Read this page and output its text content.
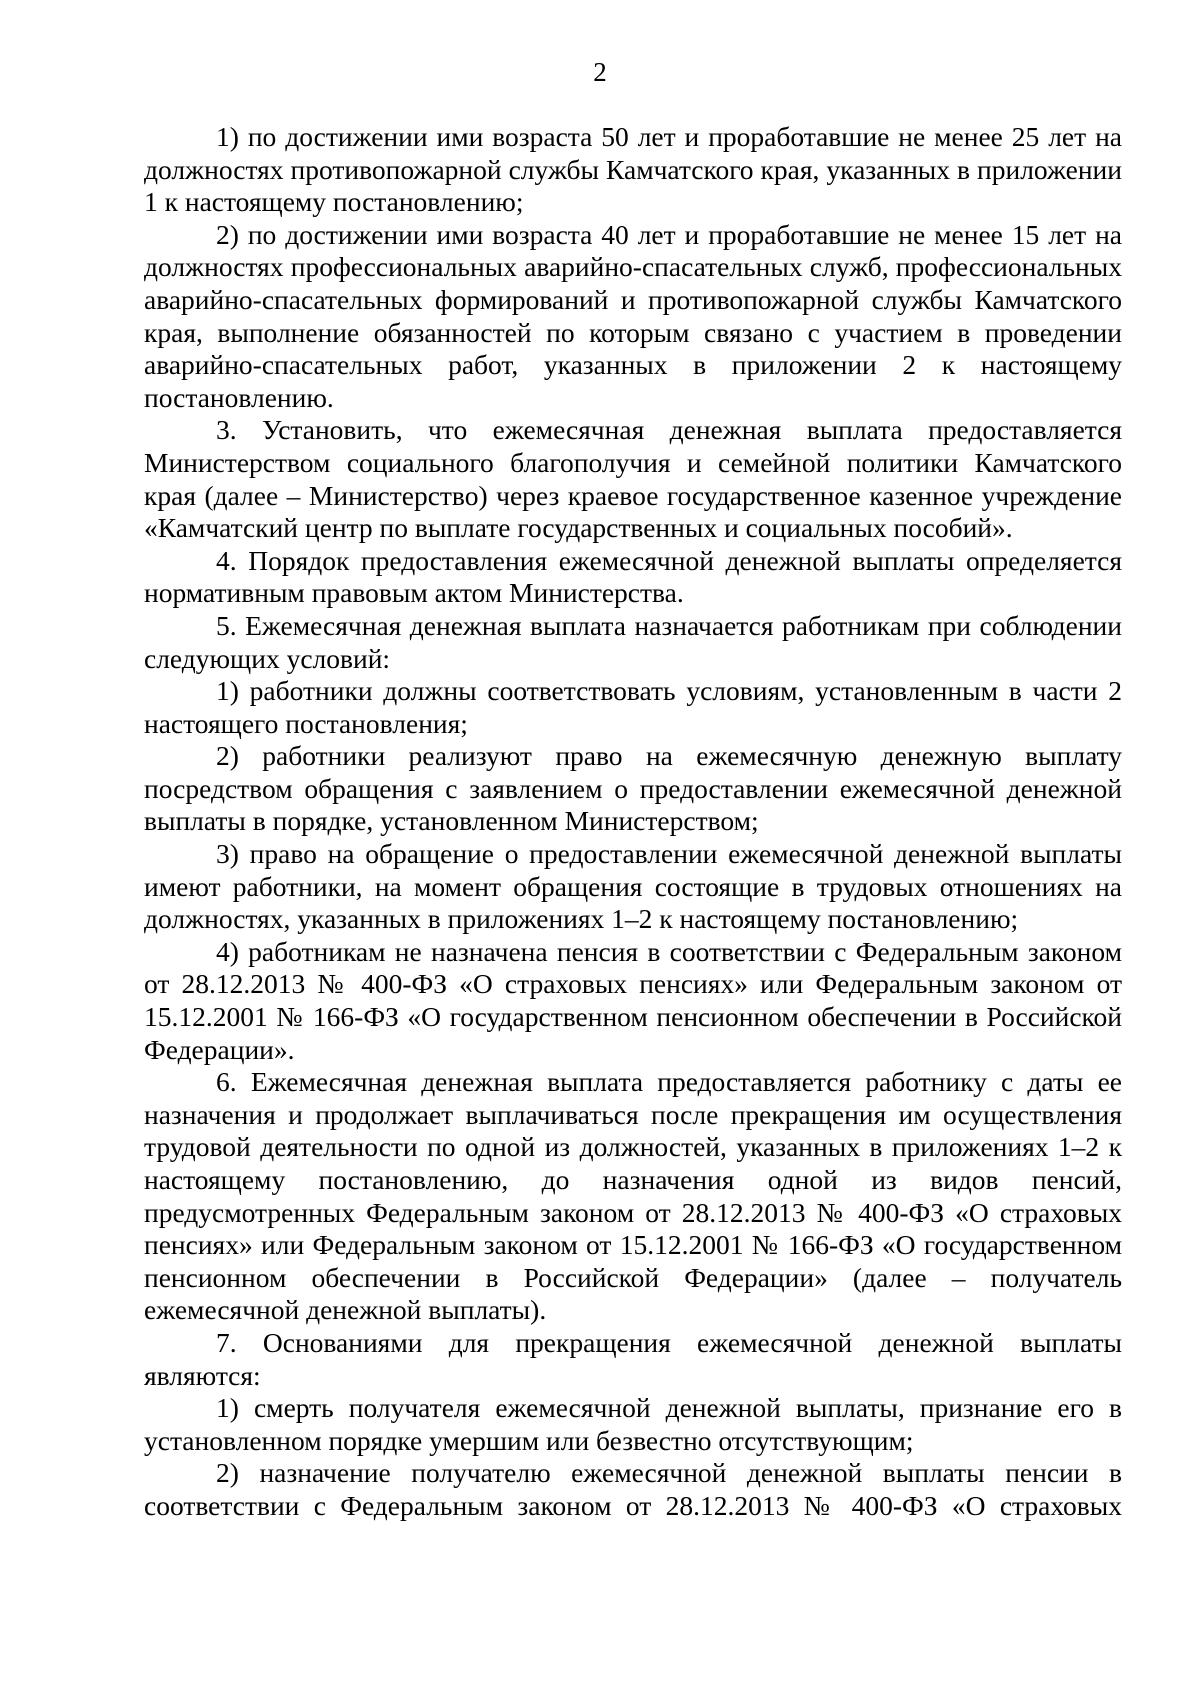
2

1) по достижении ими возраста 50 лет и проработавшие не менее 25 лет на должностях противопожарной службы Камчатского края, указанных в приложении 1 к настоящему постановлению;

2) по достижении ими возраста 40 лет и проработавшие не менее 15 лет на должностях профессиональных аварийно-спасательных служб, профессиональных аварийно-спасательных формирований и противопожарной службы Камчатского края, выполнение обязанностей по которым связано с участием в проведении аварийно-спасательных работ, указанных в приложении 2 к настоящему постановлению.

3. Установить, что ежемесячная денежная выплата предоставляется Министерством социального благополучия и семейной политики Камчатского края (далее – Министерство) через краевое государственное казенное учреждение «Камчатский центр по выплате государственных и социальных пособий».

4. Порядок предоставления ежемесячной денежной выплаты определяется нормативным правовым актом Министерства.

5. Ежемесячная денежная выплата назначается работникам при соблюдении следующих условий:

1) работники должны соответствовать условиям, установленным в части 2 настоящего постановления;

2) работники реализуют право на ежемесячную денежную выплату посредством обращения с заявлением о предоставлении ежемесячной денежной выплаты в порядке, установленном Министерством;

3) право на обращение о предоставлении ежемесячной денежной выплаты имеют работники, на момент обращения состоящие в трудовых отношениях на должностях, указанных в приложениях 1–2 к настоящему постановлению;

4) работникам не назначена пенсия в соответствии с Федеральным законом от 28.12.2013 № 400-ФЗ «О страховых пенсиях» или Федеральным законом от 15.12.2001 № 166-ФЗ «О государственном пенсионном обеспечении в Российской Федерации».

6. Ежемесячная денежная выплата предоставляется работнику с даты ее назначения и продолжает выплачиваться после прекращения им осуществления трудовой деятельности по одной из должностей, указанных в приложениях 1–2 к настоящему постановлению, до назначения одной из видов пенсий, предусмотренных Федеральным законом от 28.12.2013 № 400-ФЗ «О страховых пенсиях» или Федеральным законом от 15.12.2001 № 166-ФЗ «О государственном пенсионном обеспечении в Российской Федерации» (далее – получатель ежемесячной денежной выплаты).

7. Основаниями для прекращения ежемесячной денежной выплаты являются:

1) смерть получателя ежемесячной денежной выплаты, признание его в установленном порядке умершим или безвестно отсутствующим;

2) назначение получателю ежемесячной денежной выплаты пенсии в соответствии с Федеральным законом от 28.12.2013 № 400-ФЗ «О страховых
